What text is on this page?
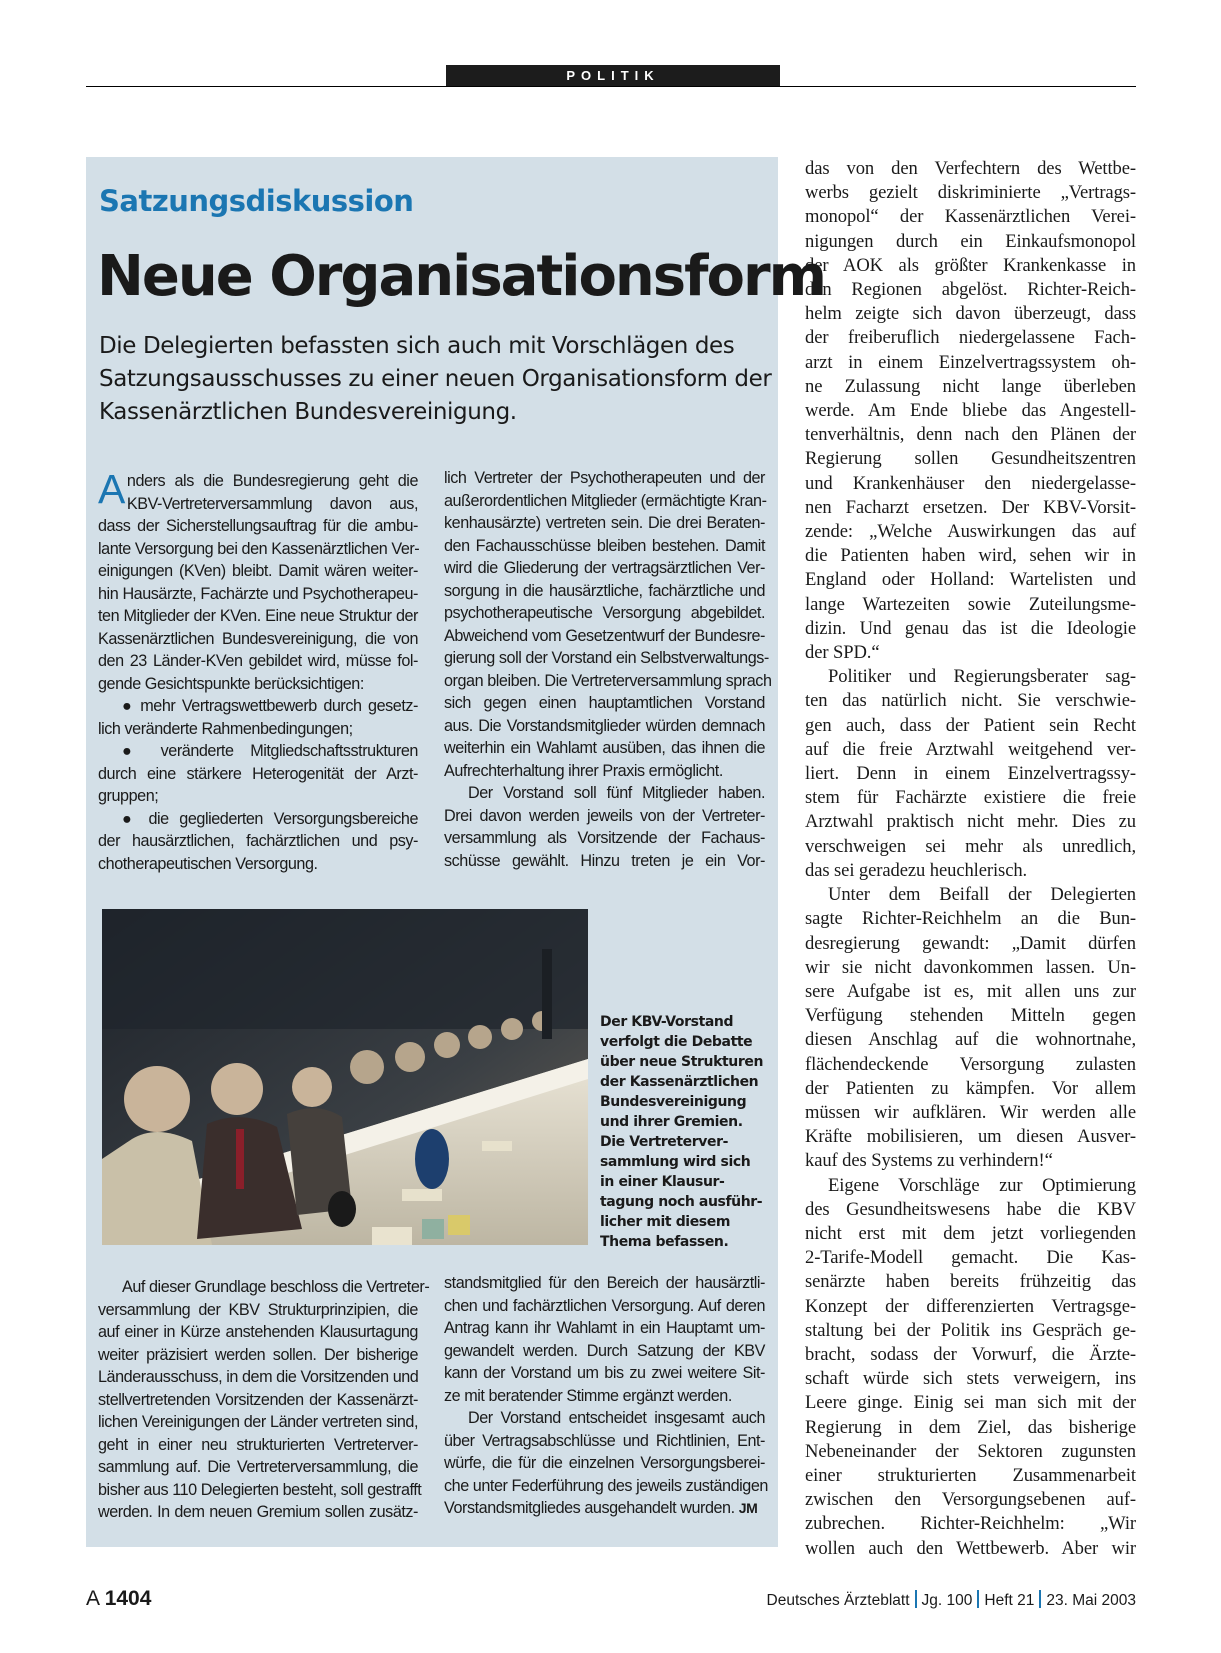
POLITIK
Satzungsdiskussion
Neue Organisationsform
Die Delegierten befassten sich auch mit Vorschlägen des
Satzungsausschusses zu einer neuen Organisationsform der
Kassenärztlichen Bundesvereinigung.
A nders als die Bundesregierung geht die
KBV-Vertreterversammlung davon aus,
dass der Sicherstellungsauftrag für die ambu-
lante Versorgung bei den Kassenärztlichen Ver-
einigungen (KVen) bleibt. Damit wären weiter-
hin Hausärzte, Fachärzte und Psychotherapeu-
ten Mitglieder der KVen. Eine neue Struktur der
Kassenärztlichen Bundesvereinigung, die von
den 23 Länder-KVen gebildet wird, müsse fol-
gende Gesichtspunkte berücksichtigen:
● mehr Vertragswettbewerb durch gesetz-
lich veränderte Rahmenbedingungen;
● veränderte Mitgliedschaftsstrukturen
durch eine stärkere Heterogenität der Arzt-
gruppen;
● die gegliederten Versorgungsbereiche
der hausärztlichen, fachärztlichen und psy-
chotherapeutischen Versorgung.
lich Vertreter der Psychotherapeuten und der
außerordentlichen Mitglieder (ermächtigte Kran-
kenhausärzte) vertreten sein. Die drei Beraten-
den Fachausschüsse bleiben bestehen. Damit
wird die Gliederung der vertragsärztlichen Ver-
sorgung in die hausärztliche, fachärztliche und
psychotherapeutische Versorgung abgebildet.
Abweichend vom Gesetzentwurf der Bundesre-
gierung soll der Vorstand ein Selbstverwaltungs-
organ bleiben. Die Vertreterversammlung sprach
sich gegen einen hauptamtlichen Vorstand
aus. Die Vorstandsmitglieder würden demnach
weiterhin ein Wahlamt ausüben, das ihnen die
Aufrechterhaltung ihrer Praxis ermöglicht.
Der Vorstand soll fünf Mitglieder haben.
Drei davon werden jeweils von der Vertreter-
versammlung als Vorsitzende der Fachaus-
schüsse gewählt. Hinzu treten je ein Vor-
Der KBV-Vorstand
verfolgt die Debatte
über neue Strukturen
der Kassenärztlichen
Bundesvereinigung
und ihrer Gremien.
Die Vertreterver-
sammlung wird sich
in einer Klausur-
tagung noch ausführ-
licher mit diesem
Thema befassen.
Auf dieser Grundlage beschloss die Vertreter-
versammlung der KBV Strukturprinzipien, die
auf einer in Kürze anstehenden Klausurtagung
weiter präzisiert werden sollen. Der bisherige
Länderausschuss, in dem die Vorsitzenden und
stellvertretenden Vorsitzenden der Kassenärzt-
lichen Vereinigungen der Länder vertreten sind,
geht in einer neu strukturierten Vertreterver-
sammlung auf. Die Vertreterversammlung, die
bisher aus 110 Delegierten besteht, soll gestrafft
werden. In dem neuen Gremium sollen zusätz-
standsmitglied für den Bereich der hausärztli-
chen und fachärztlichen Versorgung. Auf deren
Antrag kann ihr Wahlamt in ein Hauptamt um-
gewandelt werden. Durch Satzung der KBV
kann der Vorstand um bis zu zwei weitere Sit-
ze mit beratender Stimme ergänzt werden.
Der Vorstand entscheidet insgesamt auch
über Vertragsabschlüsse und Richtlinien, Ent-
würfe, die für die einzelnen Versorgungsberei-
che unter Federführung des jeweils zuständigen
Vorstandsmitgliedes ausgehandelt wurden. JM
das von den Verfechtern des Wettbe-
werbs gezielt diskriminierte „Vertrags-
monopol“ der Kassenärztlichen Verei-
nigungen durch ein Einkaufsmonopol
der AOK als größter Krankenkasse in
den Regionen abgelöst. Richter-Reich-
helm zeigte sich davon überzeugt, dass
der freiberuflich niedergelassene Fach-
arzt in einem Einzelvertragssystem oh-
ne Zulassung nicht lange überleben
werde. Am Ende bliebe das Angestell-
tenverhältnis, denn nach den Plänen der
Regierung sollen Gesundheitszentren
und Krankenhäuser den niedergelasse-
nen Facharzt ersetzen. Der KBV-Vorsit-
zende: „Welche Auswirkungen das auf
die Patienten haben wird, sehen wir in
England oder Holland: Wartelisten und
lange Wartezeiten sowie Zuteilungsme-
dizin. Und genau das ist die Ideologie
der SPD.“
Politiker und Regierungsberater sag-
ten das natürlich nicht. Sie verschwie-
gen auch, dass der Patient sein Recht
auf die freie Arztwahl weitgehend ver-
liert. Denn in einem Einzelvertragssy-
stem für Fachärzte existiere die freie
Arztwahl praktisch nicht mehr. Dies zu
verschweigen sei mehr als unredlich,
das sei geradezu heuchlerisch.
Unter dem Beifall der Delegierten
sagte Richter-Reichhelm an die Bun-
desregierung gewandt: „Damit dürfen
wir sie nicht davonkommen lassen. Un-
sere Aufgabe ist es, mit allen uns zur
Verfügung stehenden Mitteln gegen
diesen Anschlag auf die wohnortnahe,
flächendeckende Versorgung zulasten
der Patienten zu kämpfen. Vor allem
müssen wir aufklären. Wir werden alle
Kräfte mobilisieren, um diesen Ausver-
kauf des Systems zu verhindern!“
Eigene Vorschläge zur Optimierung
des Gesundheitswesens habe die KBV
nicht erst mit dem jetzt vorliegenden
2-Tarife-Modell gemacht. Die Kas-
senärzte haben bereits frühzeitig das
Konzept der differenzierten Vertragsge-
staltung bei der Politik ins Gespräch ge-
bracht, sodass der Vorwurf, die Ärzte-
schaft würde sich stets verweigern, ins
Leere ginge. Einig sei man sich mit der
Regierung in dem Ziel, das bisherige
Nebeneinander der Sektoren zugunsten
einer strukturierten Zusammenarbeit
zwischen den Versorgungsebenen auf-
zubrechen. Richter-Reichhelm: „Wir
wollen auch den Wettbewerb. Aber wir
A 1404	Deutsches Ärzteblatt Jg. 100 Heft 21 23. Mai 2003
